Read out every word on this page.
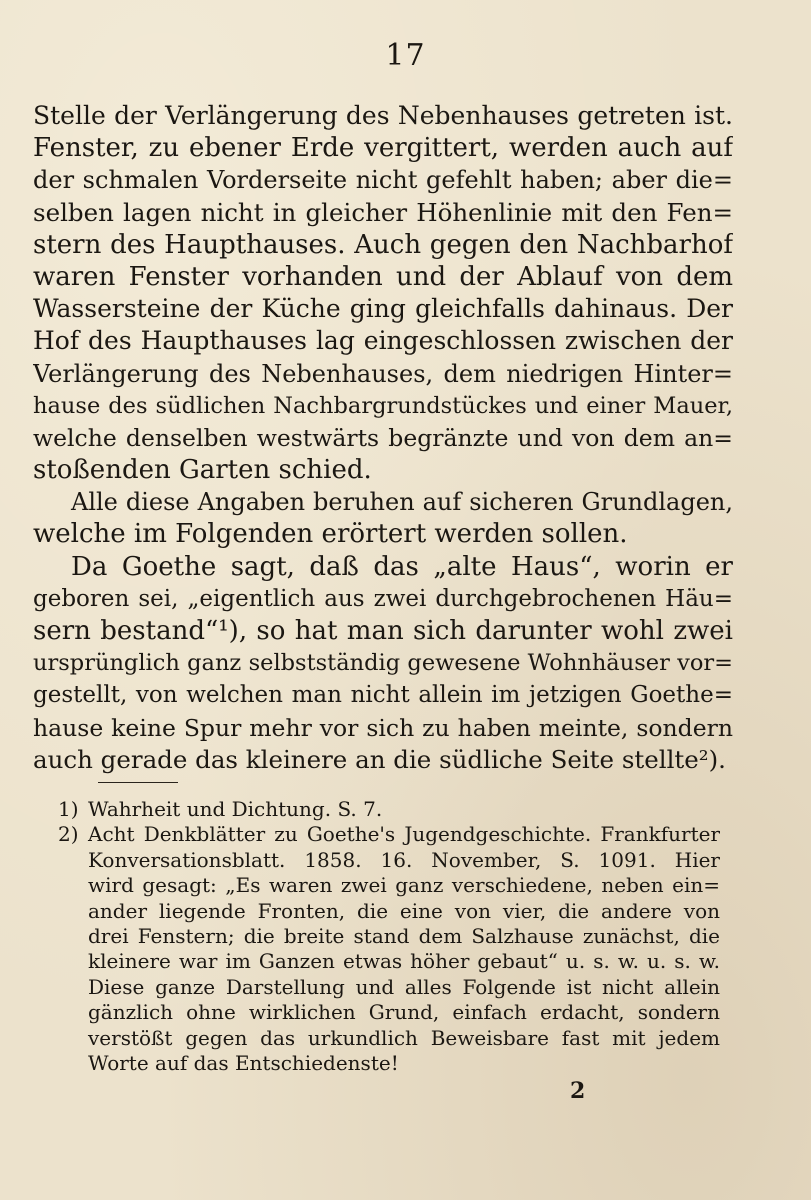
17
Stelle der Verlängerung des Nebenhauses getreten ist.
Fenster, zu ebener Erde vergittert, werden auch auf
der schmalen Vorderseite nicht gefehlt haben; aber die=
selben lagen nicht in gleicher Höhenlinie mit den Fen=
stern des Haupthauses. Auch gegen den Nachbarhof
waren Fenster vorhanden und der Ablauf von dem
Wassersteine der Küche ging gleichfalls dahinaus. Der
Hof des Haupthauses lag eingeschlossen zwischen der
Verlängerung des Nebenhauses, dem niedrigen Hinter=
hause des südlichen Nachbargrundstückes und einer Mauer,
welche denselben westwärts begränzte und von dem an=
stoßenden Garten schied.
Alle diese Angaben beruhen auf sicheren Grundlagen,
welche im Folgenden erörtert werden sollen.
Da Goethe sagt, daß das „alte Haus“, worin er
geboren sei, „eigentlich aus zwei durchgebrochenen Häu=
sern bestand“¹), so hat man sich darunter wohl zwei
ursprünglich ganz selbstständig gewesene Wohnhäuser vor=
gestellt, von welchen man nicht allein im jetzigen Goethe=
hause keine Spur mehr vor sich zu haben meinte, sondern
auch gerade das kleinere an die südliche Seite stellte²).
1) Wahrheit und Dichtung. S. 7.
2) Acht Denkblätter zu Goethe's Jugendgeschichte. Frankfurter
Konversationsblatt. 1858. 16. November, S. 1091. Hier
wird gesagt: „Es waren zwei ganz verschiedene, neben ein=
ander liegende Fronten, die eine von vier, die andere von
drei Fenstern; die breite stand dem Salzhause zunächst, die
kleinere war im Ganzen etwas höher gebaut“ u. s. w. u. s. w.
Diese ganze Darstellung und alles Folgende ist nicht allein
gänzlich ohne wirklichen Grund, einfach erdacht, sondern
verstößt gegen das urkundlich Beweisbare fast mit jedem
Worte auf das Entschiedenste!
2
